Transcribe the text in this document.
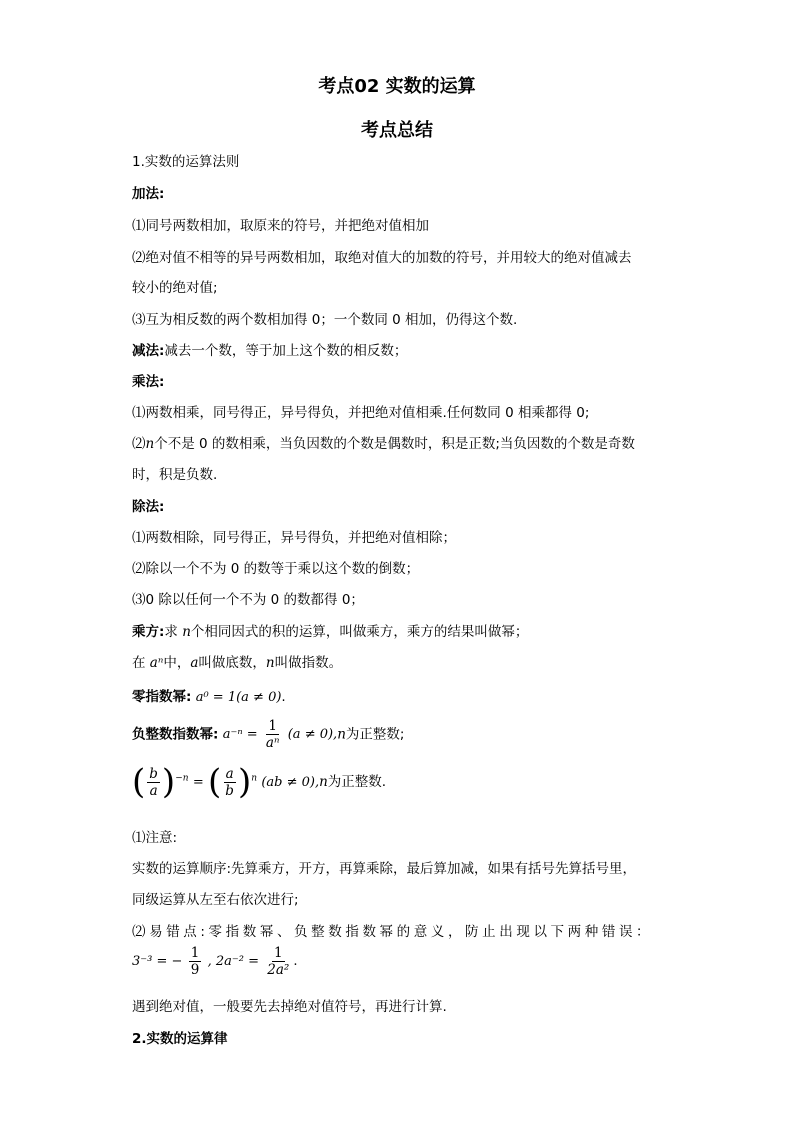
考点02 实数的运算
考点总结
1.实数的运算法则
加法:
⑴同号两数相加，取原来的符号，并把绝对值相加
⑵绝对值不相等的异号两数相加，取绝对值大的加数的符号，并用较大的绝对值减去
较小的绝对值;
⑶互为相反数的两个数相加得 0；一个数同 0 相加，仍得这个数.
减法:减去一个数，等于加上这个数的相反数；
乘法:
⑴两数相乘，同号得正，异号得负，并把绝对值相乘.任何数同 0 相乘都得 0;
⑵n个不是 0 的数相乘，当负因数的个数是偶数时，积是正数;当负因数的个数是奇数
时，积是负数.
除法:
⑴两数相除，同号得正，异号得负，并把绝对值相除；
⑵除以一个不为 0 的数等于乘以这个数的倒数；
⑶0 除以任何一个不为 0 的数都得 0；
乘方:求 n个相同因式的积的运算，叫做乘方，乘方的结果叫做幂；
在 aⁿ中，a叫做底数，n叫做指数。
零指数幂: a⁰ = 1(a ≠ 0).
负整数指数幂: $a^{-n} = \frac{1}{\text{aⁿ}} (a \ne 0),n$为正整数;
( $\frac{b}{a} )^{-n}$ = ( $\frac{a}{b} )^n$ (ab ≠ 0),n为正整数.
⑴注意:
实数的运算顺序:先算乘方，开方，再算乘除，最后算加减，如果有括号先算括号里，
同级运算从左至右依次进行;
⑵易错点:零指数幂、负整数指数幂的意义，防止出现以下两种错误：
3⁻³ = − $\frac{1}{9}$ , $2a^{-2} = \frac{1}{\text{2a²}}$ .
遇到绝对值，一般要先去掉绝对值符号，再进行计算.
2.实数的运算律
